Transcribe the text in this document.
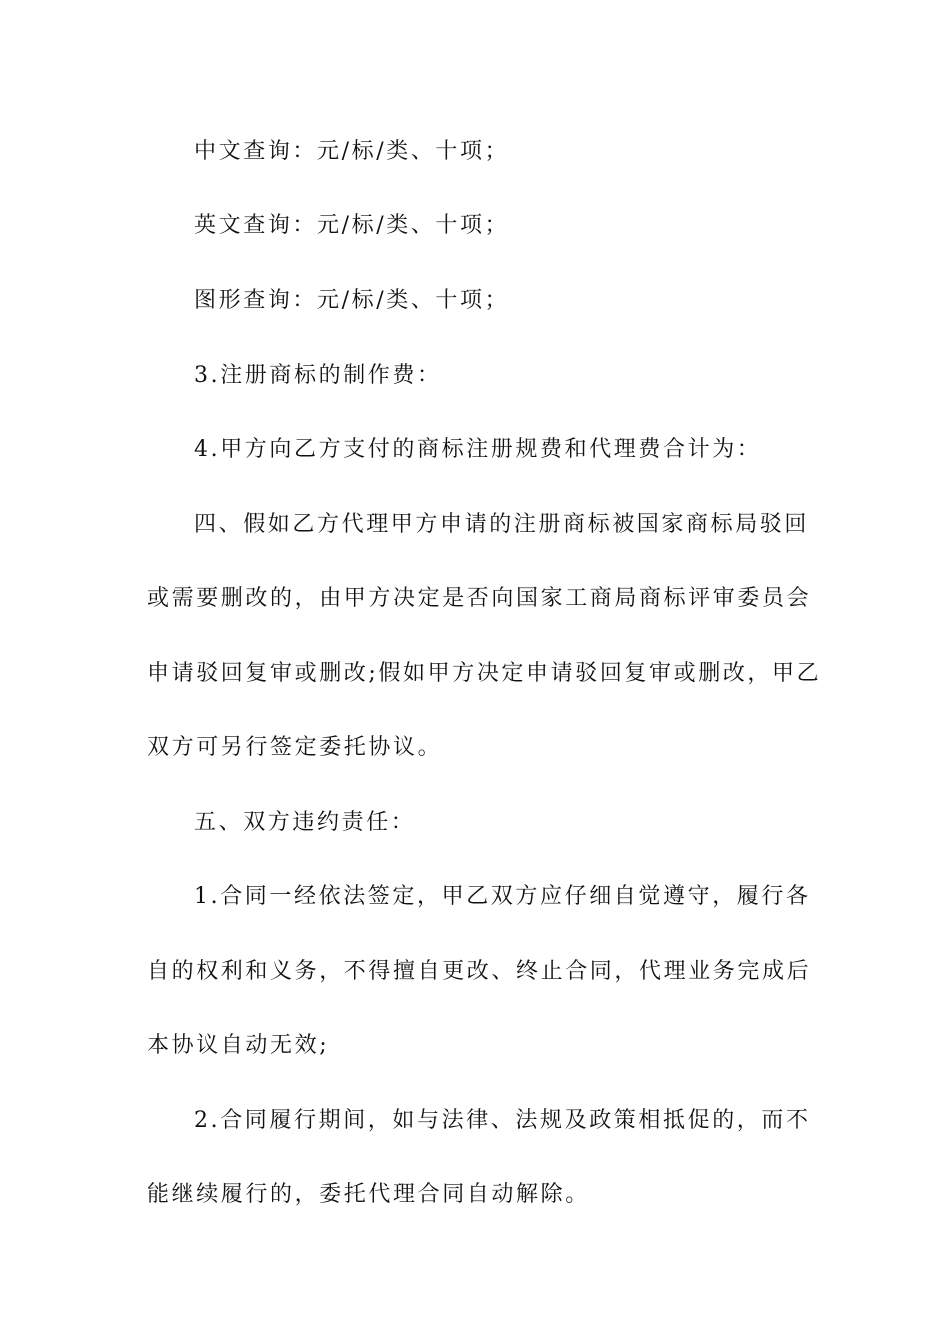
中文查询：元/标/类、十项；
英文查询：元/标/类、十项；
图形查询：元/标/类、十项；
3.注册商标的制作费：
4.甲方向乙方支付的商标注册规费和代理费合计为：
四、假如乙方代理甲方申请的注册商标被国家商标局驳回
或需要删改的，由甲方决定是否向国家工商局商标评审委员会
申请驳回复审或删改;假如甲方决定申请驳回复审或删改，甲乙
双方可另行签定委托协议。
五、双方违约责任：
1.合同一经依法签定，甲乙双方应仔细自觉遵守，履行各
自的权利和义务，不得擅自更改、终止合同，代理业务完成后
本协议自动无效;
2.合同履行期间，如与法律、法规及政策相抵促的，而不
能继续履行的，委托代理合同自动解除。
